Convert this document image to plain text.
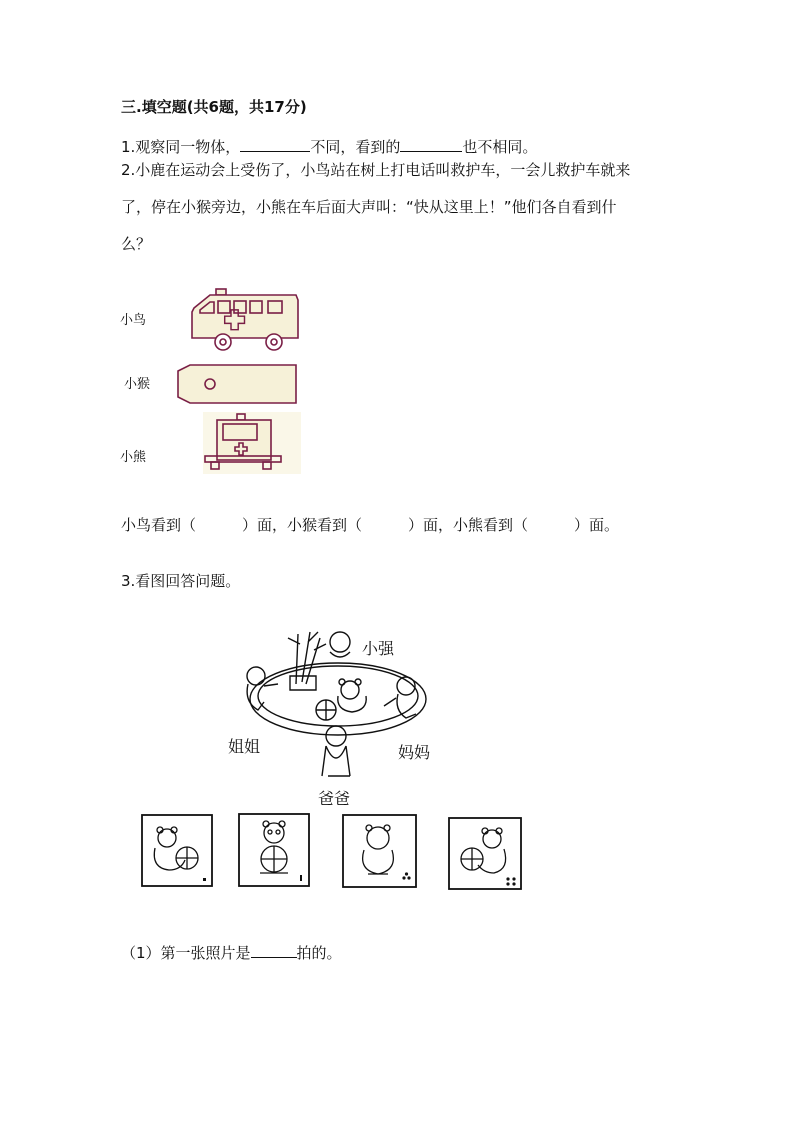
三.填空题(共6题，共17分)
1.观察同一物体，	不同，看到的	也不相同。
2.小鹿在运动会上受伤了，小鸟站在树上打电话叫救护车，一会儿救护车就来
了，停在小猴旁边，小熊在车后面大声叫：“快从这里上！”他们各自看到什
么？
小鸟
小猴
小熊
小鸟看到（	）面，小猴看到（	）面，小熊看到（	）面。
3.看图回答问题。
小强
姐姐	妈妈
爸爸
（1）第一张照片是	拍的。
